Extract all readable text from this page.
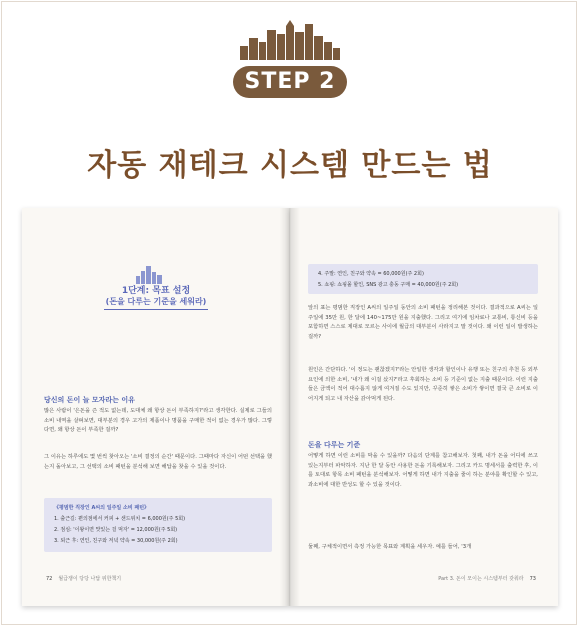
STEP 2
자동 재테크 시스템 만드는 법
1단계: 목표 설정
(돈을 다루는 기준을 세워라)
당신의 돈이 늘 모자라는 이유
많은 사람이 '은돈을 즌 적도 없는데, 도대체 왜 항상 돈이 부족하지?'라고 생각한다. 실제로 그들의 소비 내역을 살펴보면, 대부분의 경우 고가의 제품이나 명품을 구매한 적이 없는 경우가 많다. 그렇다면, 왜 항상 돈이 부족한 걸까?
그 이유는 하루에도 몇 번씩 찾아오는 '소비 결정의 순간' 때문이다. 그때마다 자신이 어떤 선택을 했는지 돌아보고, 그 선택의 소비 패턴을 분석해 보면 해답을 찾을 수 있을 것이다.
《평범한 직장인 A씨의 일주일 소비 패턴》
1. 출근길: 편의점에서 커피 + 샌드위치 = 6,000원(주 5회)
2. 점심: '이왕이면 맛있는 걸 먹자' = 12,000원(주 5회)
3. 퇴근 후: 연인, 친구와 저녁 약속 = 30,000원(주 2회)
72 월급쟁이 당당 나답 위한책기
4. 주말: 연인, 친구와 약속 = 60,000원(주 2회)
5. 쇼핑: 쇼핑몰 할인, SNS 광고 충동 구매 = 40,000원(주 2회)
앞의 표는 평범한 직장인 A씨의 일주일 동안의 소비 패턴을 정리해본 것이다. 결과적으로 A씨는 일주일에 35만 원, 한 달에 140~175만 원을 지출했다. 그리고 여기에 임차료나 교통비, 통신비 등을 포함하면 스스로 제대로 모르는 사이에 월급의 대부분이 사라지고 말 것이다. 왜 이런 일이 발생하는 걸까?
원인은 간단하다. '이 정도는 괜찮겠지?'라는 안일한 생각과 할인이나 유행 또는 친구의 추천 등 외부 요인에 의한 소비, '내가 왜 이걸 샀지?'라고 후회하는 소비 등 기준이 없는 지출 때문이다. 이런 지출들은 금액이 적어 대수롭지 않게 여겨질 수도 있지만, 꾸준히 쌓은 소비가 쌓이면 결국 큰 소비로 이어지게 되고 내 자산을 갉아먹게 된다.
돈을 다루는 기준
어떻게 하면 이런 소비를 막을 수 있을까? 다음의 단계를 참고해보자. 첫째, 내가 돈을 어디에 쓰고 있는지부터 파악하자. 지난 한 달 동안 사용한 돈을 기록해보자. 그리고 카드 명세서를 출력한 후, 이를 토대로 항목 소비 패턴을 분석해보자. 어떻게 하면 내가 지출을 줄이 하는 분야를 확인할 수 있고, 과소비에 대한 반성도 할 수 있을 것이다.
둘째, 구체적이면서 측정 가능한 목표와 계획을 세우자. 예를 들어, '3개
Part 3. 돈이 모이는 시스템부터 갖춰라 73
